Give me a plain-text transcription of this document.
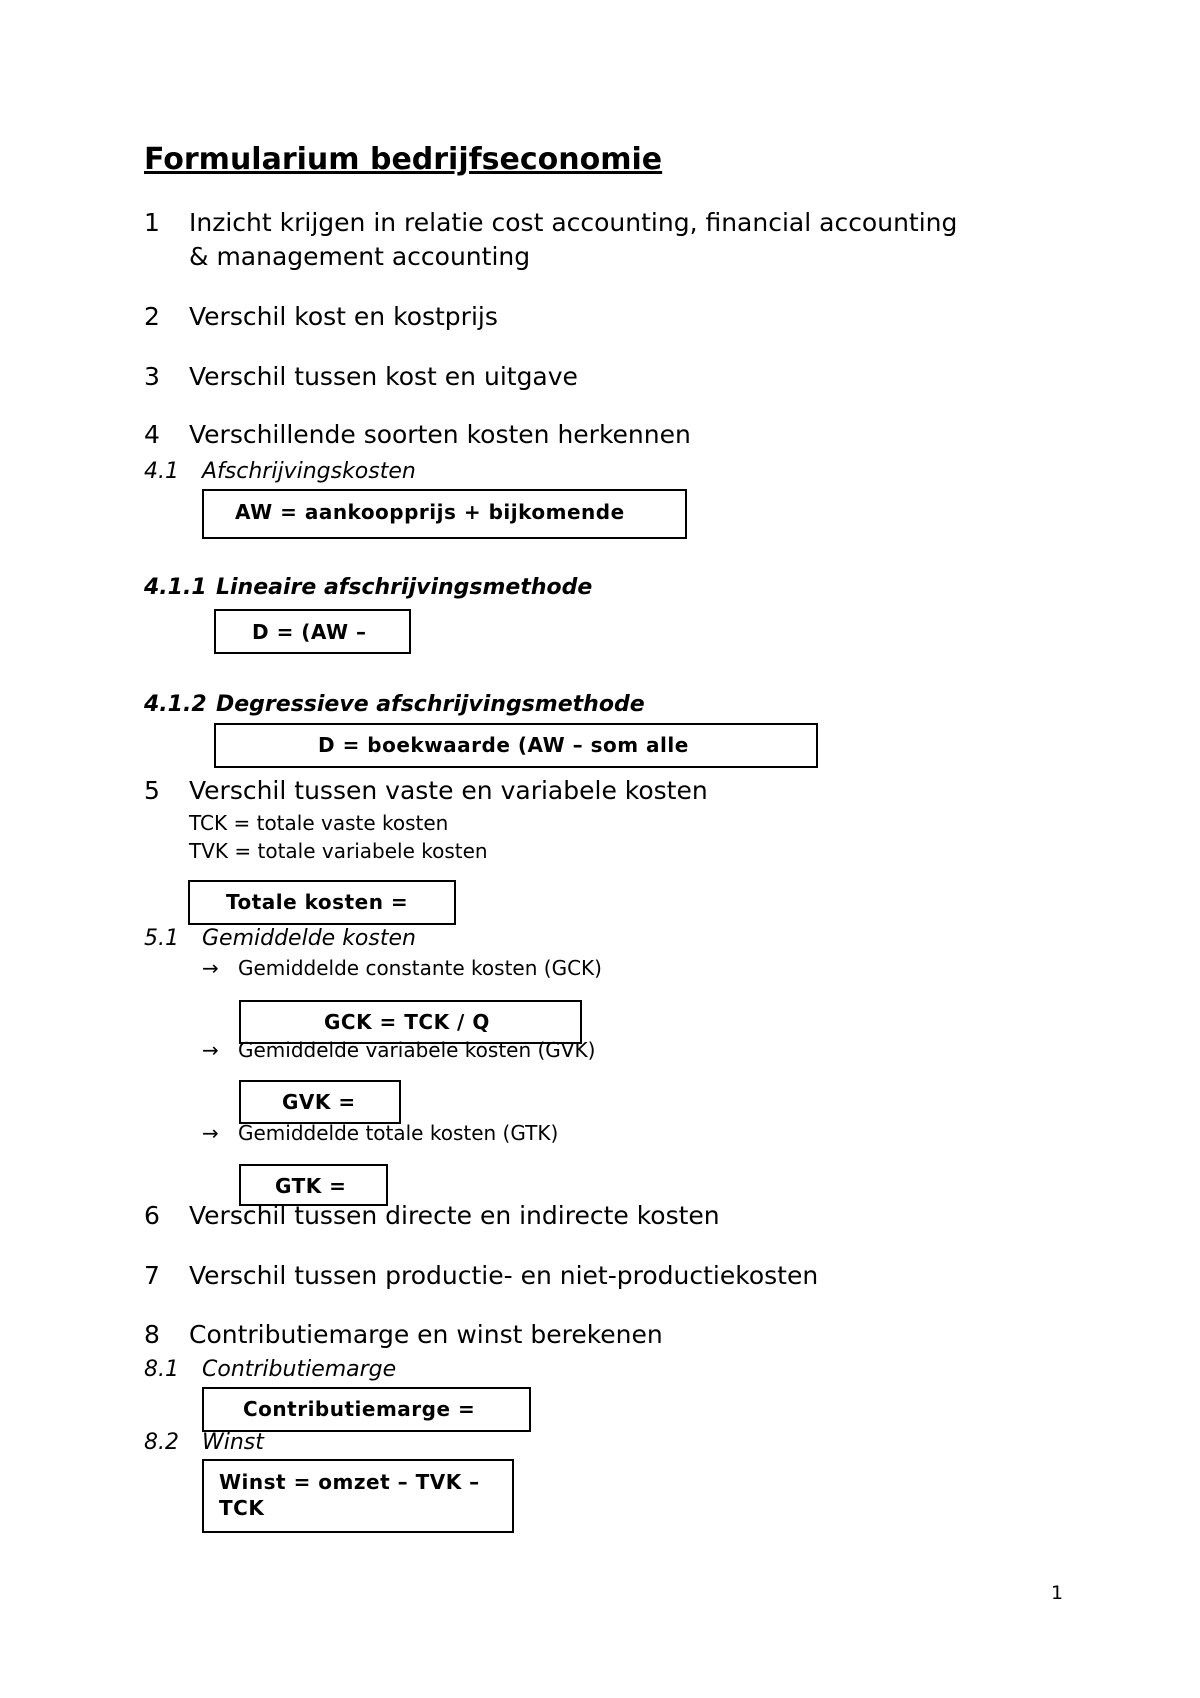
Formularium bedrijfseconomie
1 Inzicht krijgen in relatie cost accounting, financial accounting
& management accounting
2 Verschil kost en kostprijs
3 Verschil tussen kost en uitgave
4 Verschillende soorten kosten herkennen
4.1 Afschrijvingskosten
AW = aankoopprijs + bijkomende
4.1.1 Lineaire afschrijvingsmethode
D = (AW –
4.1.2 Degressieve afschrijvingsmethode
D = boekwaarde (AW – som alle
5 Verschil tussen vaste en variabele kosten
TCK = totale vaste kosten
TVK = totale variabele kosten
Totale kosten =
5.1 Gemiddelde kosten
→ Gemiddelde constante kosten (GCK)
GCK = TCK / Q
→ Gemiddelde variabele kosten (GVK)
GVK =
→ Gemiddelde totale kosten (GTK)
GTK =
6 Verschil tussen directe en indirecte kosten
7 Verschil tussen productie- en niet-productiekosten
8 Contributiemarge en winst berekenen
8.1 Contributiemarge
Contributiemarge =
8.2 Winst
Winst = omzet – TVK –
TCK
1
